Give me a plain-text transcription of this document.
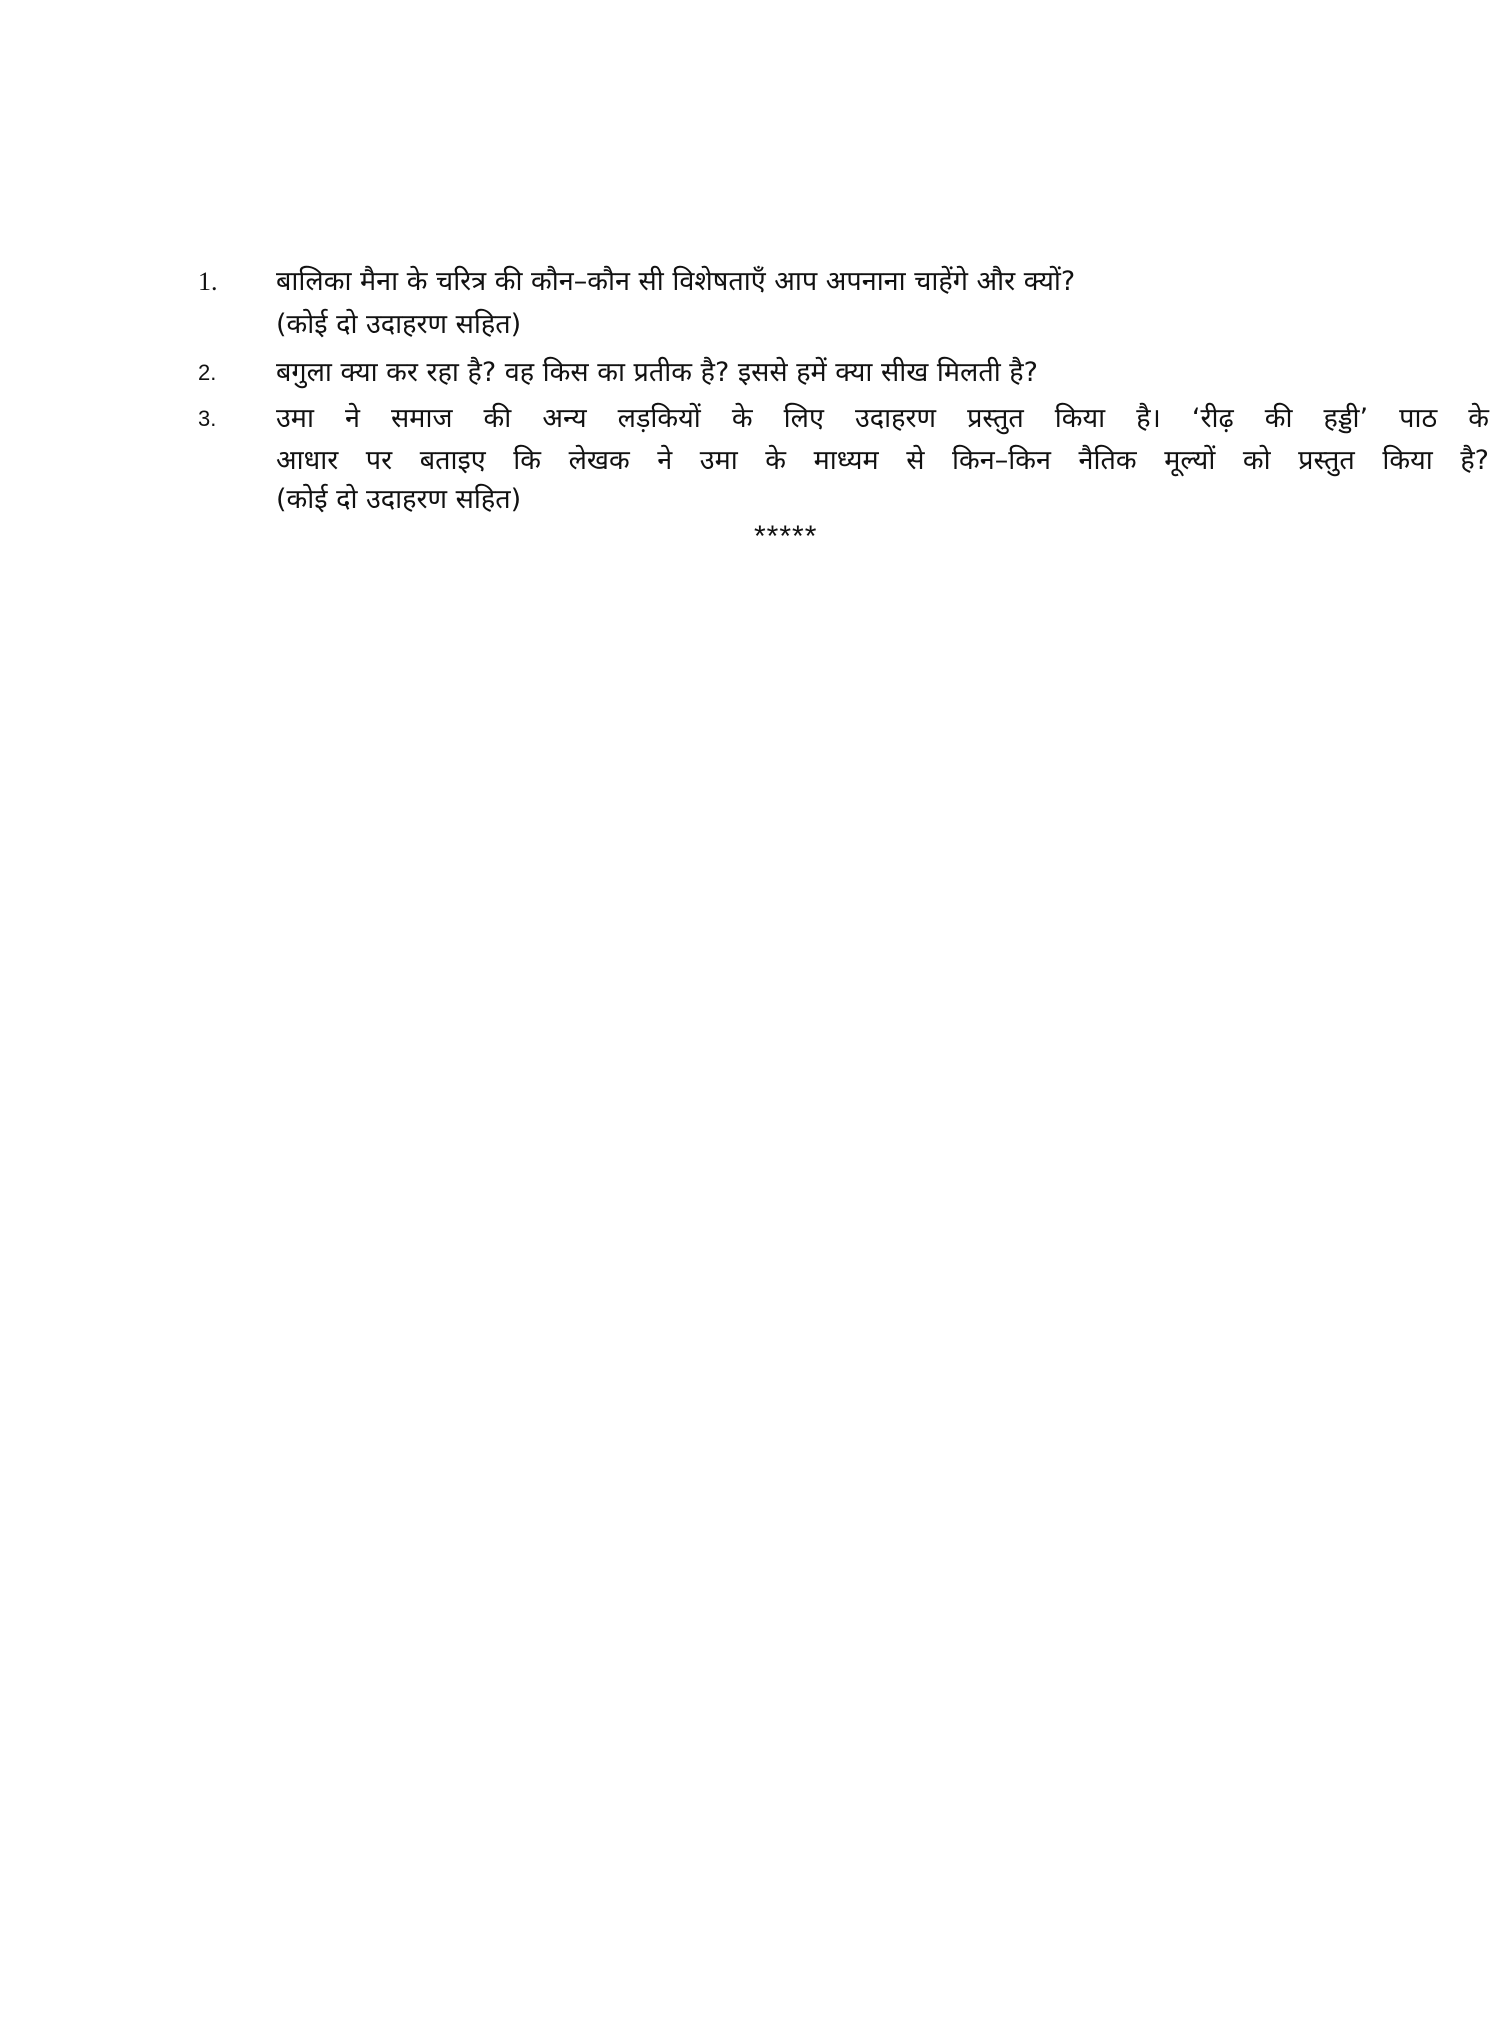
1. बालिका मैना के चरित्र की कौन–कौन सी विशेषताएँ आप अपनाना चाहेंगे और क्यों?
(कोई दो उदाहरण सहित)
2. बगुला क्या कर रहा है? वह किस का प्रतीक है? इससे हमें क्या सीख मिलती है?
3. उमा ने समाज की अन्य लड़कियों के लिए उदाहरण प्रस्तुत किया है। ‘रीढ़ की हड्डी’ पाठ के
आधार पर बताइए कि लेखक ने उमा के माध्यम से किन–किन नैतिक मूल्यों को प्रस्तुत किया है?
(कोई दो उदाहरण सहित)
*****
